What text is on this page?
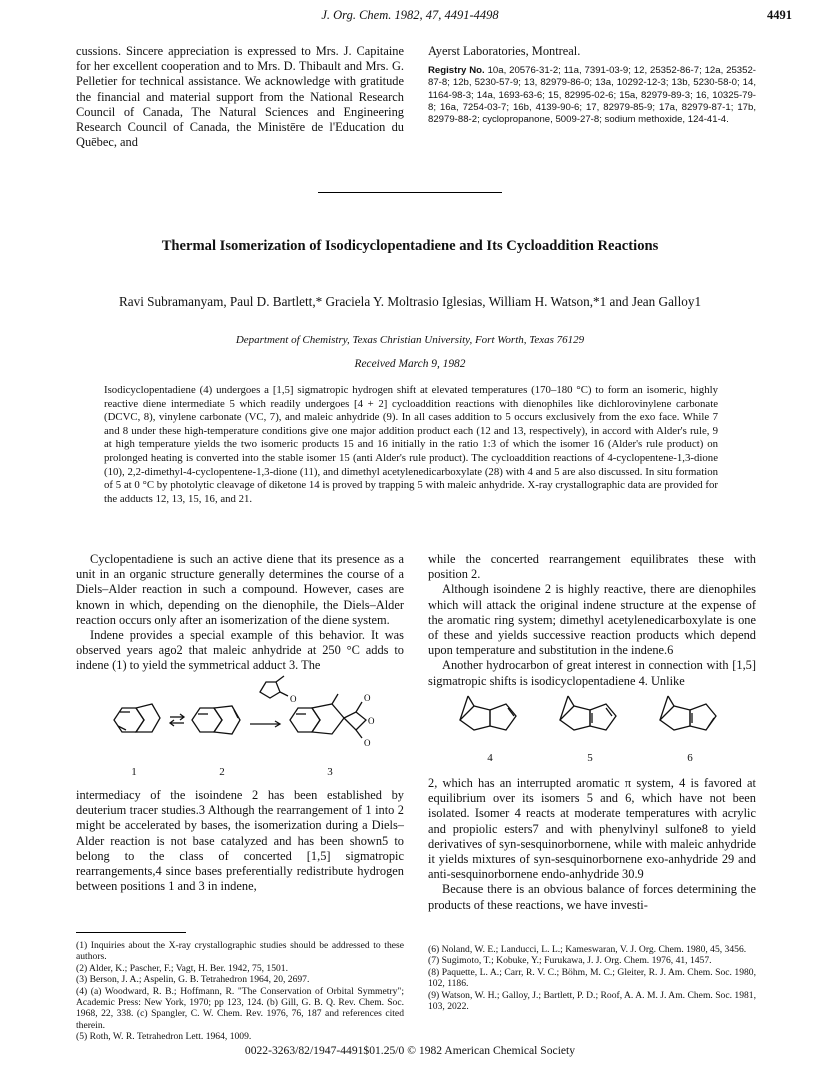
J. Org. Chem. 1982, 47, 4491-4498	4491

cussions. Sincere appreciation is expressed to Mrs. J. Capitaine for her excellent cooperation and to Mrs. D. Thibault and Mrs. G. Pelletier for technical assistance. We acknowledge with gratitude the financial and material support from the National Research Council of Canada, The Natural Sciences and Engineering Research Council of Canada, the Ministēre de l'Education du Quēbec, and

Ayerst Laboratories, Montreal.

Registry No. 10a, 20576-31-2; 11a, 7391-03-9; 12, 25352-86-7; 12a, 25352-87-8; 12b, 5230-57-9; 13, 82979-86-0; 13a, 10292-12-3; 13b, 5230-58-0; 14, 1164-98-3; 14a, 1693-63-6; 15, 82995-02-6; 15a, 82979-89-3; 16, 10325-79-8; 16a, 7254-03-7; 16b, 4139-90-6; 17, 82979-85-9; 17a, 82979-87-1; 17b, 82979-88-2; cyclopropanone, 5009-27-8; sodium methoxide, 124-41-4.
Thermal Isomerization of Isodicyclopentadiene and Its Cycloaddition Reactions
Ravi Subramanyam, Paul D. Bartlett,* Graciela Y. Moltrasio Iglesias, William H. Watson,*1 and Jean Galloy1
Department of Chemistry, Texas Christian University, Fort Worth, Texas 76129
Received March 9, 1982
Isodicyclopentadiene (4) undergoes a [1,5] sigmatropic hydrogen shift at elevated temperatures (170–180 °C) to form an isomeric, highly reactive diene intermediate 5 which readily undergoes [4 + 2] cycloaddition reactions with dienophiles like dichlorovinylene carbonate (DCVC, 8), vinylene carbonate (VC, 7), and maleic anhydride (9). In all cases addition to 5 occurs exclusively from the exo face. While 7 and 8 under these high-temperature conditions give one major addition product each (12 and 13, respectively), in accord with Alder's rule, 9 at high temperature yields the two isomeric products 15 and 16 initially in the ratio 1:3 of which the isomer 16 (Alder's rule product) on prolonged heating is converted into the stable isomer 15 (anti Alder's rule product). The cycloaddition reactions of 4-cyclopentene-1,3-dione (10), 2,2-dimethyl-4-cyclopentene-1,3-dione (11), and dimethyl acetylenedicarboxylate (28) with 4 and 5 are also discussed. In situ formation of 5 at 0 °C by photolytic cleavage of diketone 14 is proved by trapping 5 with maleic anhydride. X-ray crystallographic data are provided for the adducts 12, 13, 15, 16, and 21.

Cyclopentadiene is such an active diene that its presence as a unit in an organic structure generally determines the course of a Diels–Alder reaction in such a compound. However, cases are known in which, depending on the dienophile, the Diels–Alder reaction occurs only after an isomerization of the diene system.

Indene provides a special example of this behavior. It was observed years ago2 that maleic anhydride at 250 °C adds to indene (1) to yield the symmetrical adduct 3. The

O	O
O
O
1	2	3

intermediacy of the isoindene 2 has been established by deuterium tracer studies.3 Although the rearrangement of 1 into 2 might be accelerated by bases, the isomerization during a Diels–Alder reaction is not base catalyzed and has been shown5 to belong to the class of concerted [1,5] sigmatropic rearrangements,4 since bases preferentially redistribute hydrogen between positions 1 and 3 in indene,

while the concerted rearrangement equilibrates these with position 2.

Although isoindene 2 is highly reactive, there are dienophiles which will attack the original indene structure at the expense of the aromatic ring system; dimethyl acetylenedicarboxylate is one of these and yields successive reaction products which depend upon temperature and substitution in the indene.6

Another hydrocarbon of great interest in connection with [1,5] sigmatropic shifts is isodicyclopentadiene 4. Unlike

4	5	6

2, which has an interrupted aromatic π system, 4 is favored at equilibrium over its isomers 5 and 6, which have not been isolated. Isomer 4 reacts at moderate temperatures with acrylic and propiolic esters7 and with phenylvinyl sulfone8 to yield derivatives of syn-sesquinorbornene, while with maleic anhydride it yields mixtures of syn-sesquinorbornene exo-anhydride 29 and anti-sesquinorbornene endo-anhydride 30.9

Because there is an obvious balance of forces determining the products of these reactions, we have investi-

(1) Inquiries about the X-ray crystallographic studies should be addressed to these authors.
(2) Alder, K.; Pascher, F.; Vagt, H. Ber. 1942, 75, 1501.
(3) Berson, J. A.; Aspelin, G. B. Tetrahedron 1964, 20, 2697.
(4) (a) Woodward, R. B.; Hoffmann, R. "The Conservation of Orbital Symmetry"; Academic Press: New York, 1970; pp 123, 124. (b) Gill, G. B. Q. Rev. Chem. Soc. 1968, 22, 338. (c) Spangler, C. W. Chem. Rev. 1976, 76, 187 and references cited therein.
(5) Roth, W. R. Tetrahedron Lett. 1964, 1009.
(6) Noland, W. E.; Landucci, L. L.; Kameswaran, V. J. Org. Chem. 1980, 45, 3456.
(7) Sugimoto, T.; Kobuke, Y.; Furukawa, J. J. Org. Chem. 1976, 41, 1457.
(8) Paquette, L. A.; Carr, R. V. C.; Böhm, M. C.; Gleiter, R. J. Am. Chem. Soc. 1980, 102, 1186.
(9) Watson, W. H.; Galloy, J.; Bartlett, P. D.; Roof, A. A. M. J. Am. Chem. Soc. 1981, 103, 2022.
0022-3263/82/1947-4491$01.25/0 © 1982 American Chemical Society
